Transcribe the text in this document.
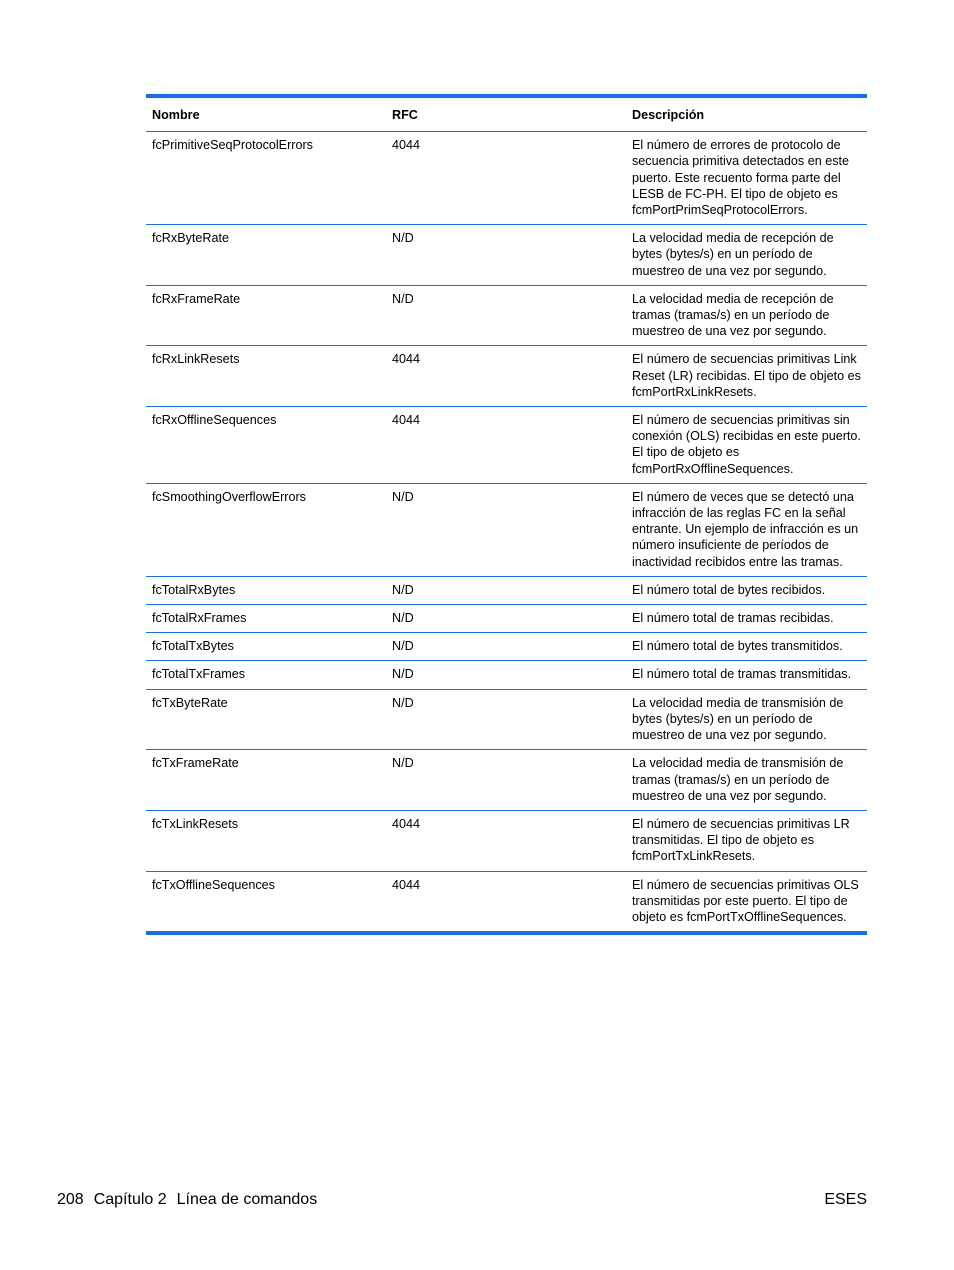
Nombre	RFC	Descripción
fcPrimitiveSeqProtocolErrors	4044	El número de errores de protocolo de secuencia primitiva detectados en este puerto. Este recuento forma parte del LESB de FC-PH. El tipo de objeto es fcmPortPrimSeqProtocolErrors.
fcRxByteRate	N/D	La velocidad media de recepción de bytes (bytes/s) en un período de muestreo de una vez por segundo.
fcRxFrameRate	N/D	La velocidad media de recepción de tramas (tramas/s) en un período de muestreo de una vez por segundo.
fcRxLinkResets	4044	El número de secuencias primitivas Link Reset (LR) recibidas. El tipo de objeto es fcmPortRxLinkResets.
fcRxOfflineSequences	4044	El número de secuencias primitivas sin conexión (OLS) recibidas en este puerto. El tipo de objeto es fcmPortRxOfflineSequences.
fcSmoothingOverflowErrors	N/D	El número de veces que se detectó una infracción de las reglas FC en la señal entrante. Un ejemplo de infracción es un número insuficiente de períodos de inactividad recibidos entre las tramas.
fcTotalRxBytes	N/D	El número total de bytes recibidos.
fcTotalRxFrames	N/D	El número total de tramas recibidas.
fcTotalTxBytes	N/D	El número total de bytes transmitidos.
fcTotalTxFrames	N/D	El número total de tramas transmitidas.
fcTxByteRate	N/D	La velocidad media de transmisión de bytes (bytes/s) en un período de muestreo de una vez por segundo.
fcTxFrameRate	N/D	La velocidad media de transmisión de tramas (tramas/s) en un período de muestreo de una vez por segundo.
fcTxLinkResets	4044	El número de secuencias primitivas LR transmitidas. El tipo de objeto es fcmPortTxLinkResets.
fcTxOfflineSequences	4044	El número de secuencias primitivas OLS transmitidas por este puerto. El tipo de objeto es fcmPortTxOfflineSequences.
208 Capítulo 2 Línea de comandos	ESES
